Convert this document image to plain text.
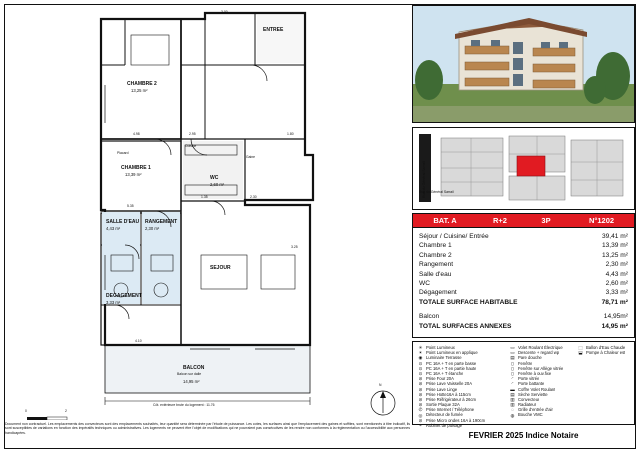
CHAMBRE 2
13,25 m²
CHAMBRE 1
13,39 m²
SEJOUR
SALLE D'EAU
4,43 m²
RANGEMENT
2,30 m²
DEGAGEMENT
3,33 m²
WC
2,60 m²
ENTREE
BALCON
Balcon sur dalle
14,95 m²
Cuisine
Placard
Gaine
3.00
4.98	2.95
5.35
1.35
4.10
2.30
1.80
3.25
Côt. extérieure brute du logement : 11.76
0	2
N
Rue du Général Sarrail
Rue du Général Sarrail
BAT. A	R+2	3P	N°1202
Séjour / Cuisine/ Entrée	39,41 m²
Chambre 1	13,39 m²
Chambre 2	13,25 m²
Rangement	2,30 m²
Salle d'eau	4,43 m²
WC	2,60 m²
Dégagement	3,33 m²
TOTALE SURFACE HABITABLE	78,71 m²
Balcon	14,95m²
TOTAL SURFACES ANNEXES	14,95 m²
✳ Point Lumineux
✴ Point Lumineux en applique
◉ Luminaire Terrasse
⊙ PC 16A + T en parte basse
⊙ PC 16A + T en partie haute
⊙ PC 16A + T étanche
⊘ Prise Four 20A
⊘ Prise Lave Vaisselle 20A
⊘ Prise Lave Linge
⊘ Prise Hotte16A à 115cm
⊘ Prise Réfrigérateur à 26cm
⊘ Sortie Plaque 32A
✆ Prise Internet / Téléphone
◎ Détecteur de fumée
⊘ Prise Micro ondes 16A à 190cm
⌁ Robinet de puisage
▭ Volet Roulant Électrique
▭ Descente + regard wp
▤ Pare douche
▯	Fenêtre
▯	Fenêtre sur Allège vitrée
▯	Fenêtre à ouv.fixe
◜	Porte vitrée
◜	Porte battante
▬ Coffre Volet Roulant
▤ Sèche Serviette
▥ Convecteur
▥ Radiateur
◌ Grille d'entrée d'air
◍ Bouche VMC
⬚ Ballon d'Eau Chaude
⬓ Pompe à Chaleur est
Document non contractuel. Les emplacements des convecteurs sont des emplacements souhaités, leur quantité sera déterminée par l'étude de puissance. Les cotes, les surfaces ainsi que l'emplacement des gaines et soffites, sont mentionnés à titre indicatif, ils sont susceptibles de variations en fonction des impératifs techniques ou administratives. Les logements ne peuvent être l'objet de modifications qui ne pourraient pas consécutives de les rendre non conformes à la réglementation ou l'accessibilité aux personnes handicapées.	FEVRIER 2025 Indice Notaire
